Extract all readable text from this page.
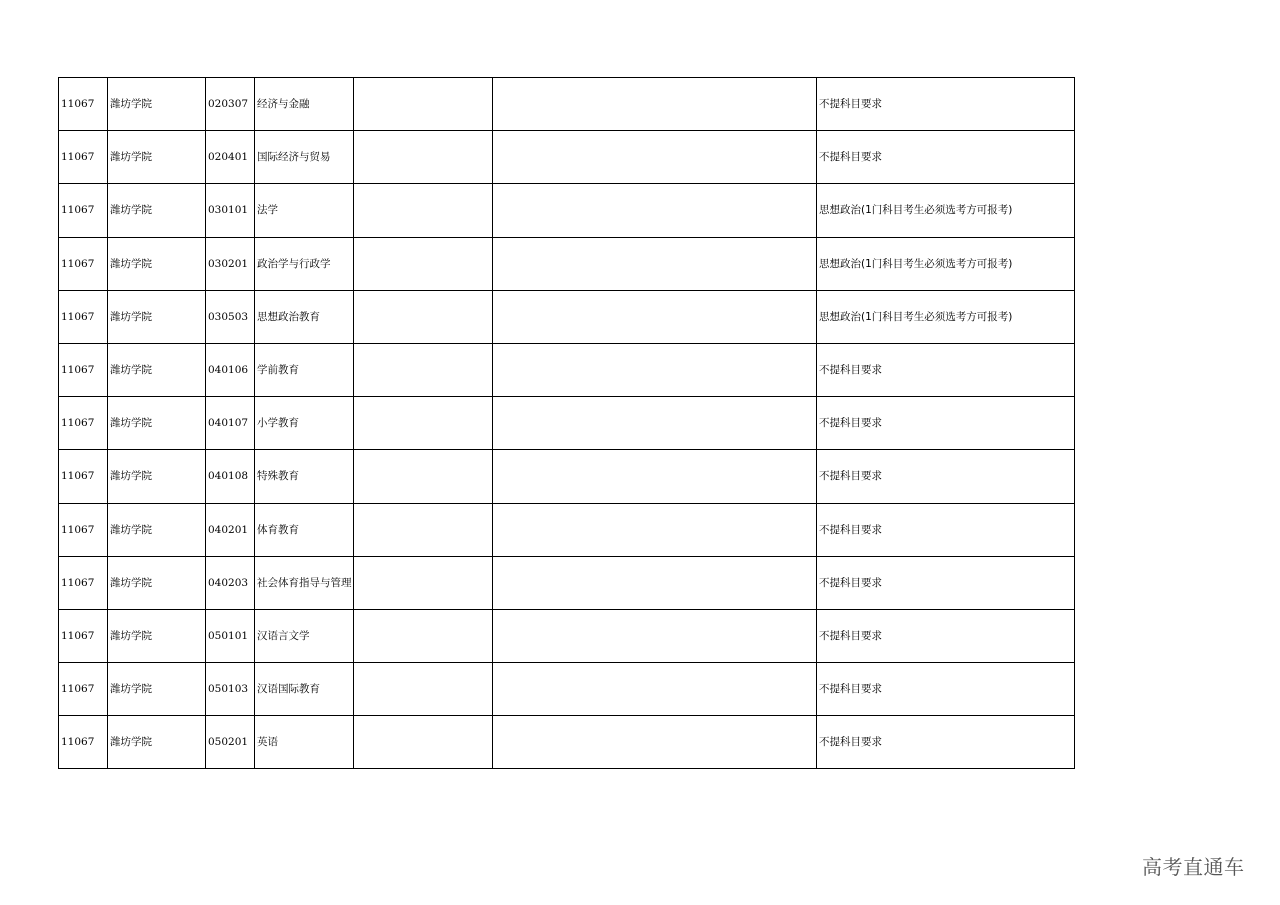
11067	潍坊学院	020307	经济与金融			不提科目要求
11067	潍坊学院	020401	国际经济与贸易			不提科目要求
11067	潍坊学院	030101	法学			思想政治(1门科目考生必须选考方可报考)
11067	潍坊学院	030201	政治学与行政学			思想政治(1门科目考生必须选考方可报考)
11067	潍坊学院	030503	思想政治教育			思想政治(1门科目考生必须选考方可报考)
11067	潍坊学院	040106	学前教育			不提科目要求
11067	潍坊学院	040107	小学教育			不提科目要求
11067	潍坊学院	040108	特殊教育			不提科目要求
11067	潍坊学院	040201	体育教育			不提科目要求
11067	潍坊学院	040203	社会体育指导与管理			不提科目要求
11067	潍坊学院	050101	汉语言文学			不提科目要求
11067	潍坊学院	050103	汉语国际教育			不提科目要求
11067	潍坊学院	050201	英语			不提科目要求
高考直通车
